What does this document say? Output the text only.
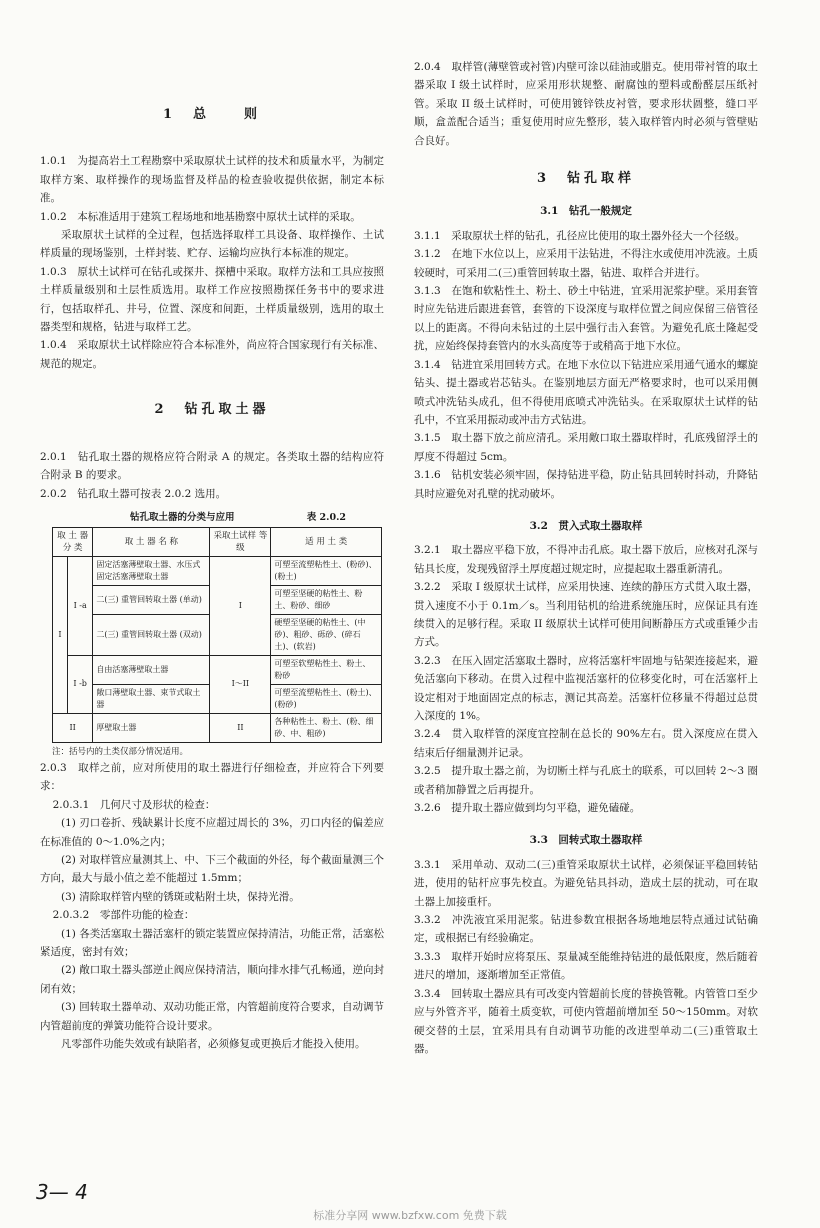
1　总　　则

1.0.1　为提高岩土工程勘察中采取原状土试样的技术和质量水平，为制定取样方案、取样操作的现场监督及样品的检查验收提供依据，制定本标准。

1.0.2　本标准适用于建筑工程场地和地基勘察中原状土试样的采取。

采取原状土试样的全过程，包括选择取样工具设备、取样操作、土试样质量的现场鉴别，土样封装、贮存、运输均应执行本标准的规定。

1.0.3　原状土试样可在钻孔或探井、探槽中采取。取样方法和工具应按照土样质量级别和土层性质选用。取样工作应按照勘探任务书中的要求进行，包括取样孔、井号，位置、深度和间距，土样质量级别，选用的取土器类型和规格，钻进与取样工艺。

1.0.4　采取原状土试样除应符合本标准外，尚应符合国家现行有关标准、规范的规定。

2　钻孔取土器

2.0.1　钻孔取土器的规格应符合附录 A 的规定。各类取土器的结构应符合附录 B 的要求。

2.0.2　钻孔取土器可按表 2.0.2 选用。

钻孔取土器的分类与应用	表 2.0.2
取 土 器 分 类		取 土 器 名 称	采取土试样 等 级	适 用 土 类
I	I -a	固定活塞薄壁取土器、水压式固定活塞薄壁取土器	I	可塑至流塑粘性土、(粉砂)、(粉土)
		二(三) 重管回转取土器 (单动)		可塑至坚硬的粘性土、粉土、粉砂、细砂
		二(三) 重管回转取土器 (双动)		硬塑至坚硬的粘性土、(中砂)、粗砂、砾砂、(碎石土)、(软岩)
	I -b	自由活塞薄壁取土器	I～II	可塑至软塑粘性土、粉土、粉砂
		敞口薄壁取土器、束节式取土器		可塑至流塑粘性土、(粉土)、(粉砂)
II		厚壁取土器	II	各种粘性土、粉土、(粉、细砂、中、粗砂)

注：括号内的土类仅部分情况适用。

2.0.3　取样之前，应对所使用的取土器进行仔细检查，并应符合下列要求：

2.0.3.1　几何尺寸及形状的检查：

(1) 刃口卷折、残缺累计长度不应超过周长的 3%，刃口内径的偏差应在标准值的 0～1.0%之内；

(2) 对取样管应量测其上、中、下三个截面的外径，每个截面量测三个方向，最大与最小值之差不能超过 1.5mm；

(3) 清除取样管内壁的锈斑或粘附土块，保持光滑。

2.0.3.2　零部件功能的检查：

(1) 各类活塞取土器活塞杆的锁定装置应保持清洁，功能正常，活塞松紧适度，密封有效；

(2) 敞口取土器头部逆止阀应保持清洁，顺向排水排气孔畅通，逆向封闭有效；

(3) 回转取土器单动、双动功能正常，内管超前度符合要求，自动调节内管超前度的弹簧功能符合设计要求。

凡零部件功能失效或有缺陷者，必须修复或更换后才能投入使用。

2.0.4　取样管(薄壁管或衬管)内壁可涂以硅油或腊克。使用带衬管的取土器采取 I 级土试样时，应采用形状规整、耐腐蚀的塑料或酚醛层压纸衬管。采取 II 级土试样时，可使用镀锌铁皮衬管，要求形状圆整，缝口平顺，盒盖配合适当；重复使用时应先整形，装入取样管内时必须与管壁贴合良好。

3　钻孔取样

3.1　钻孔一般规定

3.1.1　采取原状土样的钻孔，孔径应比使用的取土器外径大一个径级。

3.1.2　在地下水位以上，应采用干法钻进，不得注水或使用冲洗液。土质较硬时，可采用二(三)重管回转取土器，钻进、取样合并进行。

3.1.3　在饱和软粘性土、粉土、砂土中钻进，宜采用泥浆护壁。采用套管时应先钻进后跟进套管，套管的下设深度与取样位置之间应保留三倍管径以上的距离。不得向未钻过的土层中强行击入套管。为避免孔底土隆起受扰，应始终保持套管内的水头高度等于或稍高于地下水位。

3.1.4　钻进宜采用回转方式。在地下水位以下钻进应采用通气通水的螺旋钻头、提土器或岩芯钻头。在鉴别地层方面无严格要求时，也可以采用侧喷式冲洗钻头成孔，但不得使用底喷式冲洗钻头。在采取原状土试样的钻孔中，不宜采用振动或冲击方式钻进。

3.1.5　取土器下放之前应清孔。采用敞口取土器取样时，孔底残留浮土的厚度不得超过 5cm。

3.1.6　钻机安装必须牢固，保持钻进平稳，防止钻具回转时抖动，升降钻具时应避免对孔壁的扰动破坏。

3.2　贯入式取土器取样

3.2.1　取土器应平稳下放，不得冲击孔底。取土器下放后，应核对孔深与钻具长度，发现残留浮土厚度超过规定时，应提起取土器重新清孔。

3.2.2　采取 I 级原状土试样，应采用快速、连续的静压方式贯入取土器，贯入速度不小于 0.1m／s。当利用钻机的给进系统施压时，应保证具有连续贯入的足够行程。采取 II 级原状土试样可使用间断静压方式或重锤少击方式。

3.2.3　在压入固定活塞取土器时，应将活塞杆牢固地与钻架连接起来，避免活塞向下移动。在贯入过程中监视活塞杆的位移变化时，可在活塞杆上设定相对于地面固定点的标志，测记其高差。活塞杆位移量不得超过总贯入深度的 1%。

3.2.4　贯入取样管的深度宜控制在总长的 90%左右。贯入深度应在贯入结束后仔细量测并记录。

3.2.5　提升取土器之前，为切断土样与孔底土的联系，可以回转 2～3 圈或者稍加静置之后再提升。

3.2.6　提升取土器应做到均匀平稳，避免磕碰。

3.3　回转式取土器取样

3.3.1　采用单动、双动二(三)重管采取原状土试样，必须保证平稳回转钻进，使用的钻杆应事先校直。为避免钻具抖动，造成土层的扰动，可在取土器上加接重杆。

3.3.2　冲洗液宜采用泥浆。钻进参数宜根据各场地地层特点通过试钻确定，或根据已有经验确定。

3.3.3　取样开始时应将泵压、泵量减至能维持钻进的最低限度，然后随着进尺的增加，逐渐增加至正常值。

3.3.4　回转取土器应具有可改变内管超前长度的替换管靴。内管管口至少应与外管齐平，随着土质变软，可使内管超前增加至 50～150mm。对软硬交替的土层，宜采用具有自动调节功能的改进型单动二(三)重管取土器。

3— 4
标准分享网 www.bzfxw.com 免费下载
